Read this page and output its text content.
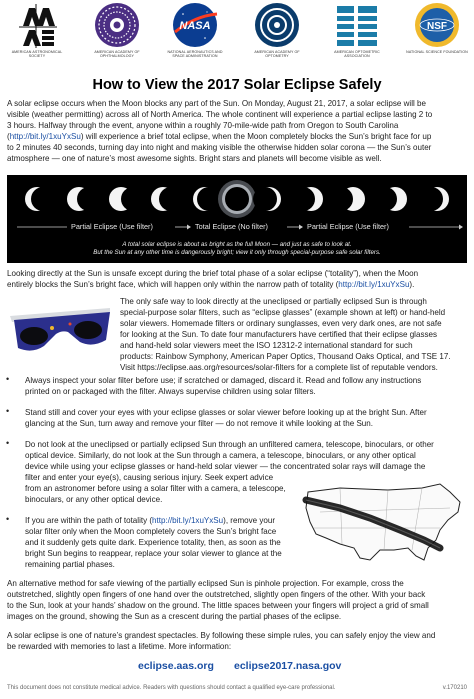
AMERICAN ASTRONOMICAL SOCIETY
AMERICAN ACADEMY OF OPHTHALMOLOGY
NASA
NATIONAL AERONAUTICS AND SPACE ADMINISTRATION
AMERICAN ACADEMY OF OPTOMETRY
AMERICAN OPTOMETRIC ASSOCIATION
NSF
NATIONAL SCIENCE FOUNDATION
How to View the 2017 Solar Eclipse Safely

A solar eclipse occurs when the Moon blocks any part of the Sun. On Monday, August 21, 2017, a solar eclipse will be

visible (weather permitting) across all of North America. The whole continent will experience a partial eclipse lasting 2 to

3 hours. Halfway through the event, anyone within a roughly 70-mile-wide path from Oregon to South Carolina

(http://bit.ly/1xuYxSu) will experience a brief total eclipse, when the Moon completely blocks the Sun’s bright face for up

to 2 minutes 40 seconds, turning day into night and making visible the otherwise hidden solar corona — the Sun’s outer

atmosphere — one of nature’s most awesome sights. Bright stars and planets will become visible as well.

Partial Eclipse (Use filter)	Total Eclipse (No filter)	Partial Eclipse (Use filter)
A total solar eclipse is about as bright as the full Moon — and just as safe to look at.
But the Sun at any other time is dangerously bright; view it only through special-purpose safe solar filters.

Looking directly at the Sun is unsafe except during the brief total phase of a solar eclipse (“totality”), when the Moon

entirely blocks the Sun’s bright face, which will happen only within the narrow path of totality (http://bit.ly/1xuYxSu).

The only safe way to look directly at the uneclipsed or partially eclipsed Sun is through

special-purpose solar filters, such as “eclipse glasses” (example shown at left) or hand-held

solar viewers. Homemade filters or ordinary sunglasses, even very dark ones, are not safe

for looking at the Sun. To date four manufacturers have certified that their eclipse glasses

and hand-held solar viewers meet the ISO 12312-2 international standard for such

products: Rainbow Symphony, American Paper Optics, Thousand Oaks Optical, and TSE 17.

Visit https://eclipse.aas.org/resources/solar-filters for a complete list of reputable vendors.

• Always inspect your solar filter before use; if scratched or damaged, discard it. Read and follow any instructions

printed on or packaged with the filter. Always supervise children using solar filters.

• Stand still and cover your eyes with your eclipse glasses or solar viewer before looking up at the bright Sun. After

glancing at the Sun, turn away and remove your filter — do not remove it while looking at the Sun.

• Do not look at the uneclipsed or partially eclipsed Sun through an unfiltered camera, telescope, binoculars, or other

optical device. Similarly, do not look at the Sun through a camera, a telescope, binoculars, or any other optical

device while using your eclipse glasses or hand-held solar viewer — the concentrated solar rays will damage the

filter and enter your eye(s), causing serious injury. Seek expert advice

from an astronomer before using a solar filter with a camera, a telescope,

binoculars, or any other optical device.

• If you are within the path of totality (http://bit.ly/1xuYxSu), remove your

solar filter only when the Moon completely covers the Sun’s bright face

and it suddenly gets quite dark. Experience totality, then, as soon as the

bright Sun begins to reappear, replace your solar viewer to glance at the

remaining partial phases.

An alternative method for safe viewing of the partially eclipsed Sun is pinhole projection. For example, cross the

outstretched, slightly open fingers of one hand over the outstretched, slightly open fingers of the other. With your back

to the Sun, look at your hands’ shadow on the ground. The little spaces between your fingers will project a grid of small

images on the ground, showing the Sun as a crescent during the partial phases of the eclipse.

A solar eclipse is one of nature’s grandest spectacles. By following these simple rules, you can safely enjoy the view and

be rewarded with memories to last a lifetime. More information:

eclipse.aas.org eclipse2017.nasa.gov
This document does not constitute medical advice. Readers with questions should contact a qualified eye-care professional.	v.170210
